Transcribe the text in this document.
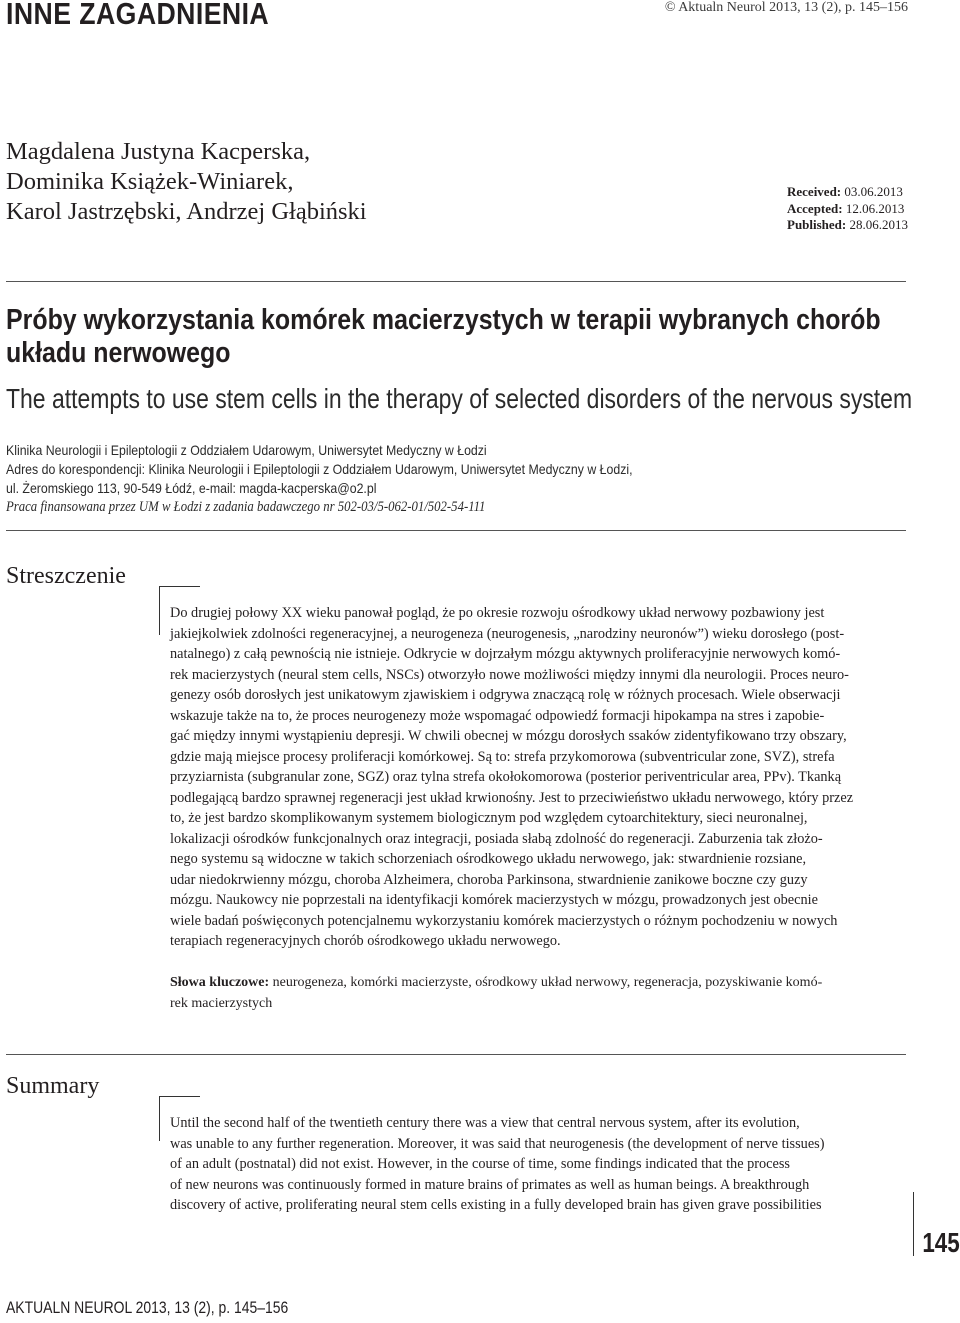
INNE ZAGADNIENIA	© Aktualn Neurol 2013, 13 (2), p. 145–156
Magdalena Justyna Kacperska,
Dominika Książek-Winiarek,
Karol Jastrzębski, Andrzej Głąbiński
Received: 03.06.2013
Accepted: 12.06.2013
Published: 28.06.2013
Próby wykorzystania komórek macierzystych w terapii wybranych chorób układu nerwowego
The attempts to use stem cells in the therapy of selected disorders of the nervous system
Klinika Neurologii i Epileptologii z Oddziałem Udarowym, Uniwersytet Medyczny w Łodzi
Adres do korespondencji: Klinika Neurologii i Epileptologii z Oddziałem Udarowym, Uniwersytet Medyczny w Łodzi,
ul. Żeromskiego 113, 90-549 Łódź, e-mail: magda-kacperska@o2.pl
Praca finansowana przez UM w Łodzi z zadania badawczego nr 502-03/5-062-01/502-54-111
Streszczenie
Do drugiej połowy XX wieku panował pogląd, że po okresie rozwoju ośrodkowy układ nerwowy pozbawiony jest
jakiejkolwiek zdolności regeneracyjnej, a neurogeneza (neurogenesis, „narodziny neuronów”) wieku dorosłego (post-
natalnego) z całą pewnością nie istnieje. Odkrycie w dojrzałym mózgu aktywnych proliferacyjnie nerwowych komó-
rek macierzystych (neural stem cells, NSCs) otworzyło nowe możliwości między innymi dla neurologii. Proces neuro-
genezy osób dorosłych jest unikatowym zjawiskiem i odgrywa znaczącą rolę w różnych procesach. Wiele obserwacji
wskazuje także na to, że proces neurogenezy może wspomagać odpowiedź formacji hipokampa na stres i zapobie-
gać między innymi wystąpieniu depresji. W chwili obecnej w mózgu dorosłych ssaków zidentyfikowano trzy obszary,
gdzie mają miejsce procesy proliferacji komórkowej. Są to: strefa przykomorowa (subventricular zone, SVZ), strefa
przyziarnista (subgranular zone, SGZ) oraz tylna strefa okołokomorowa (posterior periventricular area, PPv). Tkanką
podlegającą bardzo sprawnej regeneracji jest układ krwionośny. Jest to przeciwieństwo układu nerwowego, który przez
to, że jest bardzo skomplikowanym systemem biologicznym pod względem cytoarchitektury, sieci neuronalnej,
lokalizacji ośrodków funkcjonalnych oraz integracji, posiada słabą zdolność do regeneracji. Zaburzenia tak złożo-
nego systemu są widoczne w takich schorzeniach ośrodkowego układu nerwowego, jak: stwardnienie rozsiane,
udar niedokrwienny mózgu, choroba Alzheimera, choroba Parkinsona, stwardnienie zanikowe boczne czy guzy
mózgu. Naukowcy nie poprzestali na identyfikacji komórek macierzystych w mózgu, prowadzonych jest obecnie
wiele badań poświęconych potencjalnemu wykorzystaniu komórek macierzystych o różnym pochodzeniu w nowych
terapiach regeneracyjnych chorób ośrodkowego układu nerwowego.
Słowa kluczowe: neurogeneza, komórki macierzyste, ośrodkowy układ nerwowy, regeneracja, pozyskiwanie komó-
rek macierzystych
Summary
Until the second half of the twentieth century there was a view that central nervous system, after its evolution,
was unable to any further regeneration. Moreover, it was said that neurogenesis (the development of nerve tissues)
of an adult (postnatal) did not exist. However, in the course of time, some findings indicated that the process
of new neurons was continuously formed in mature brains of primates as well as human beings. A breakthrough
discovery of active, proliferating neural stem cells existing in a fully developed brain has given grave possibilities
145
AKTUALN NEUROL 2013, 13 (2), p. 145–156
